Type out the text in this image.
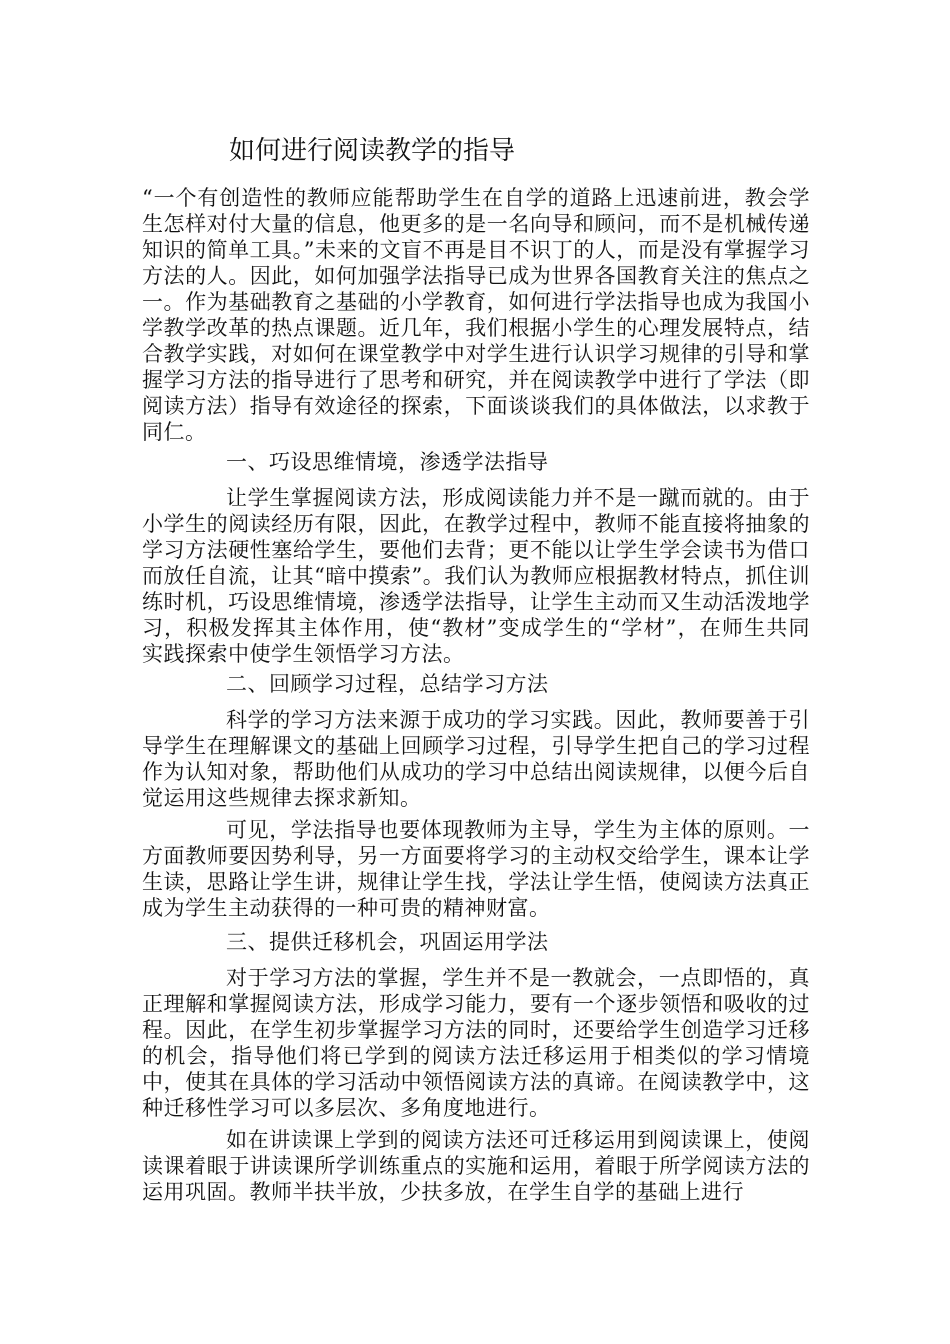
如何进行阅读教学的指导

“一个有创造性的教师应能帮助学生在自学的道路上迅速前进，教会学生怎样对付大量的信息，他更多的是一名向导和顾问，而不是机械传递知识的简单工具。”未来的文盲不再是目不识丁的人，而是没有掌握学习方法的人。因此，如何加强学法指导已成为世界各国教育关注的焦点之一。作为基础教育之基础的小学教育，如何进行学法指导也成为我国小学教学改革的热点课题。近几年，我们根据小学生的心理发展特点，结合教学实践，对如何在课堂教学中对学生进行认识学习规律的引导和掌握学习方法的指导进行了思考和研究，并在阅读教学中进行了学法（即阅读方法）指导有效途径的探索，下面谈谈我们的具体做法，以求教于同仁。

一、巧设思维情境，渗透学法指导

让学生掌握阅读方法，形成阅读能力并不是一蹴而就的。由于小学生的阅读经历有限，因此，在教学过程中，教师不能直接将抽象的学习方法硬性塞给学生，要他们去背；更不能以让学生学会读书为借口而放任自流，让其“暗中摸索”。我们认为教师应根据教材特点，抓住训练时机，巧设思维情境，渗透学法指导，让学生主动而又生动活泼地学习，积极发挥其主体作用，使“教材”变成学生的“学材”，在师生共同实践探索中使学生领悟学习方法。

二、回顾学习过程，总结学习方法

科学的学习方法来源于成功的学习实践。因此，教师要善于引导学生在理解课文的基础上回顾学习过程，引导学生把自己的学习过程作为认知对象，帮助他们从成功的学习中总结出阅读规律，以便今后自觉运用这些规律去探求新知。

可见，学法指导也要体现教师为主导，学生为主体的原则。一方面教师要因势利导，另一方面要将学习的主动权交给学生，课本让学生读，思路让学生讲，规律让学生找，学法让学生悟，使阅读方法真正成为学生主动获得的一种可贵的精神财富。

三、提供迁移机会，巩固运用学法

对于学习方法的掌握，学生并不是一教就会，一点即悟的，真正理解和掌握阅读方法，形成学习能力，要有一个逐步领悟和吸收的过程。因此，在学生初步掌握学习方法的同时，还要给学生创造学习迁移的机会，指导他们将已学到的阅读方法迁移运用于相类似的学习情境中，使其在具体的学习活动中领悟阅读方法的真谛。在阅读教学中，这种迁移性学习可以多层次、多角度地进行。

如在讲读课上学到的阅读方法还可迁移运用到阅读课上，使阅读课着眼于讲读课所学训练重点的实施和运用，着眼于所学阅读方法的运用巩固。教师半扶半放，少扶多放，在学生自学的基础上进行
